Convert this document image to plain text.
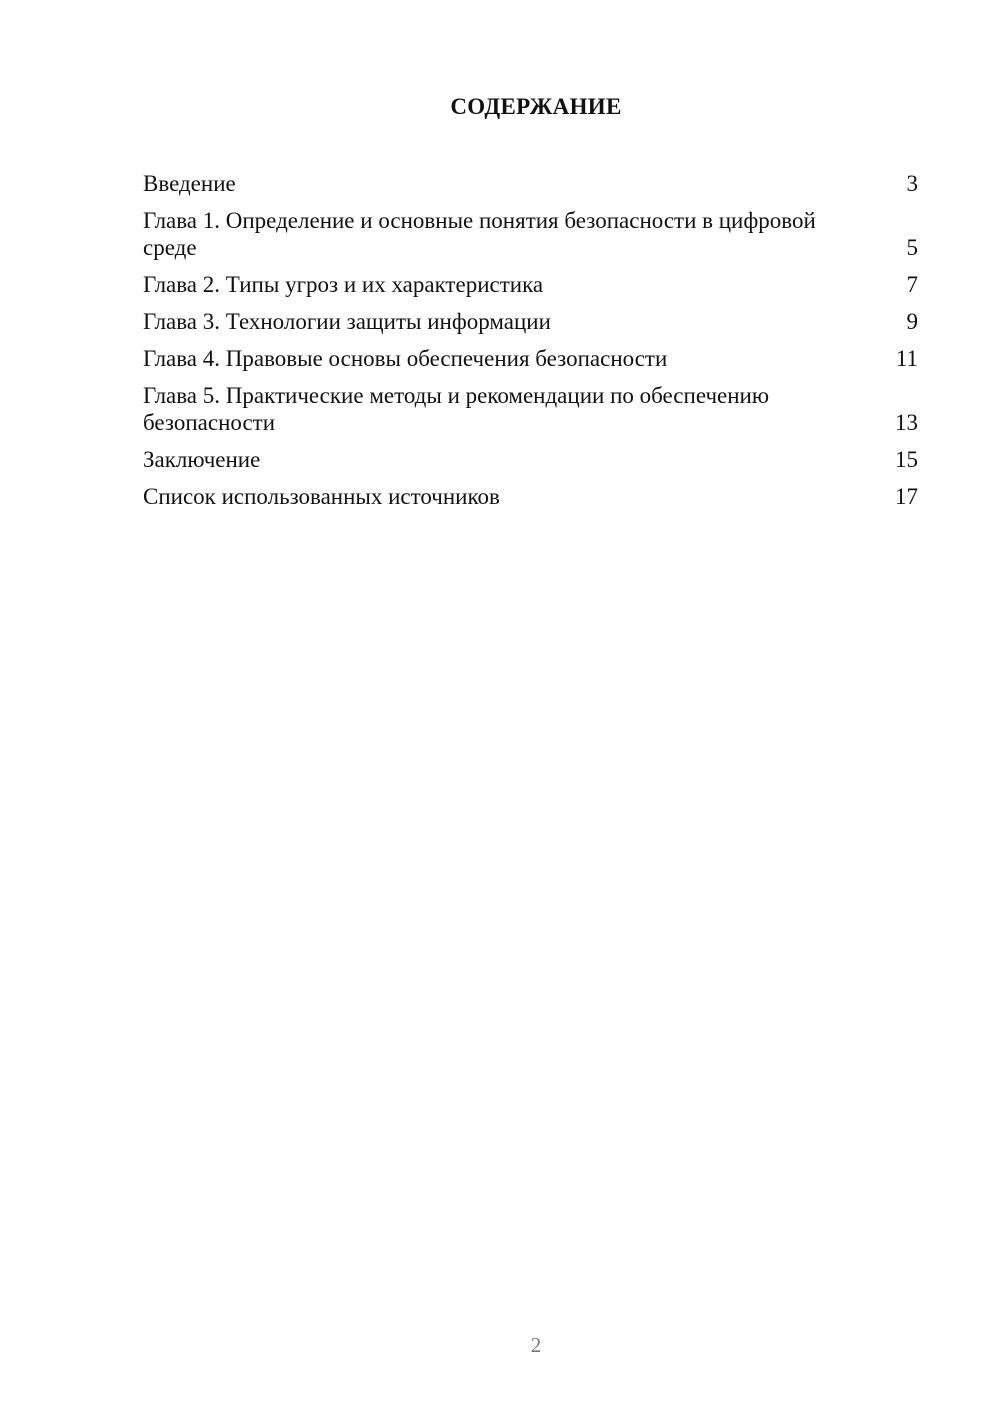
СОДЕРЖАНИЕ
Введение	3
Глава 1. Определение и основные понятия безопасности в цифровой среде	5
Глава 2. Типы угроз и их характеристика	7
Глава 3. Технологии защиты информации	9
Глава 4. Правовые основы обеспечения безопасности	11
Глава 5. Практические методы и рекомендации по обеспечению безопасности	13
Заключение	15
Список использованных источников	17
2
